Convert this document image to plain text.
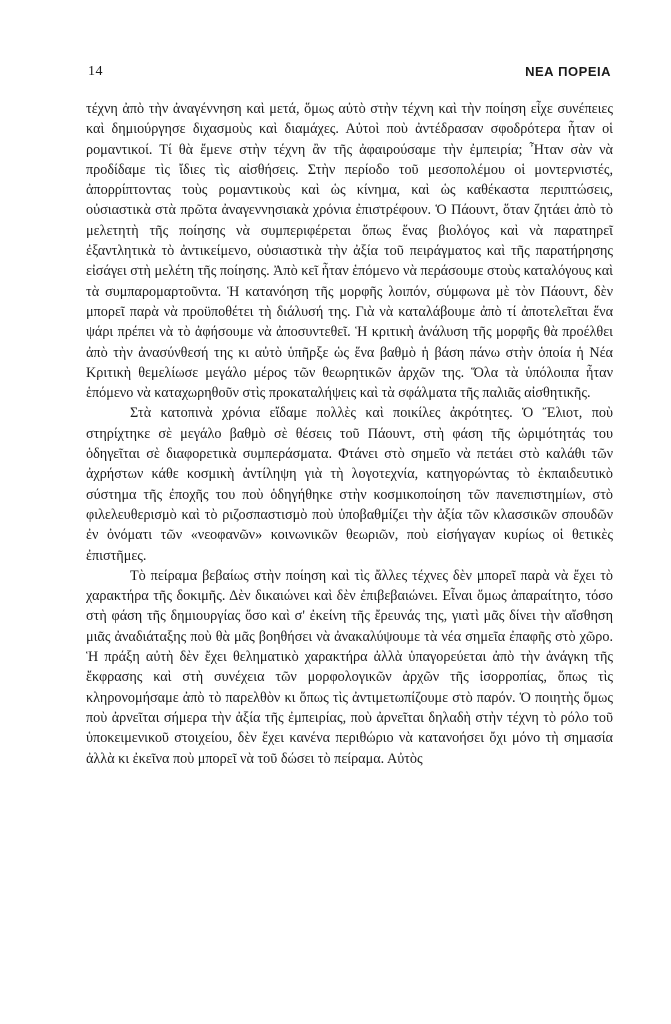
14	ΝΕΑ ΠΟΡΕΙΑ

τέχνη ἀπὸ τὴν ἀναγέννηση καὶ μετά, ὅμως αὐτὸ στὴν τέχνη καὶ τὴν ποίηση εἶχε συνέπειες καὶ δημιούργησε διχασμοὺς καὶ διαμάχες. Αὐτοὶ ποὺ ἀντέδρασαν σφοδρότερα ἦταν οἱ ρομαντικοί. Τί θὰ ἔμενε στὴν τέχνη ἂν τῆς ἀφαιρούσαμε τὴν ἐμπειρία; Ἦταν σὰν νὰ προδίδαμε τὶς ἴδιες τὶς αἰσθήσεις. Στὴν περίοδο τοῦ μεσοπολέμου οἱ μοντερνιστές, ἀπορρίπτοντας τοὺς ρομαντικοὺς καὶ ὡς κίνημα, καὶ ὡς καθέκαστα περιπτώσεις, οὐσιαστικὰ στὰ πρῶτα ἀναγεννησιακὰ χρόνια ἐπιστρέφουν. Ὁ Πάουντ, ὅταν ζητάει ἀπὸ τὸ μελετητὴ τῆς ποίησης νὰ συμπεριφέρεται ὅπως ἕνας βιολόγος καὶ νὰ παρατηρεῖ ἐξαντλητικὰ τὸ ἀντικείμενο, οὐσιαστικὰ τὴν ἀξία τοῦ πειράγματος καὶ τῆς παρατήρησης εἰσάγει στὴ μελέτη τῆς ποίησης. Ἀπὸ κεῖ ἦταν ἑπόμενο νὰ περάσουμε στοὺς καταλόγους καὶ τὰ συμπαρομαρτοῦντα. Ἡ κατανόηση τῆς μορφῆς λοιπόν, σύμφωνα μὲ τὸν Πάουντ, δὲν μπορεῖ παρὰ νὰ προϋποθέτει τὴ διάλυσή της. Γιὰ νὰ καταλάβουμε ἀπὸ τί ἀποτελεῖται ἕνα ψάρι πρέπει νὰ τὸ ἀφήσουμε νὰ ἀποσυντεθεῖ. Ἡ κριτικὴ ἀνάλυση τῆς μορφῆς θὰ προέλθει ἀπὸ τὴν ἀνασύνθεσή της κι αὐτὸ ὑπῆρξε ὡς ἕνα βαθμὸ ἡ βάση πάνω στὴν ὁποία ἡ Νέα Κριτικὴ θεμελίωσε μεγάλο μέρος τῶν θεωρητικῶν ἀρχῶν της. Ὅλα τὰ ὑπόλοιπα ἦταν ἑπόμενο νὰ καταχωρηθοῦν στὶς προκαταλήψεις καὶ τὰ σφάλματα τῆς παλιᾶς αἰσθητικῆς.

Στὰ κατοπινὰ χρόνια εἴδαμε πολλὲς καὶ ποικίλες ἀκρότητες. Ὁ Ἔλιοτ, ποὺ στηρίχτηκε σὲ μεγάλο βαθμὸ σὲ θέσεις τοῦ Πάουντ, στὴ φάση τῆς ὡριμότητάς του ὁδηγεῖται σὲ διαφορετικὰ συμπεράσματα. Φτάνει στὸ σημεῖο νὰ πετάει στὸ καλάθι τῶν ἀχρήστων κάθε κοσμικὴ ἀντίληψη γιὰ τὴ λογοτεχνία, κατηγορώντας τὸ ἐκπαιδευτικὸ σύστημα τῆς ἐποχῆς του ποὺ ὁδηγήθηκε στὴν κοσμικοποίηση τῶν πανεπιστημίων, στὸ φιλελευθερισμὸ καὶ τὸ ριζοσπαστισμὸ ποὺ ὑποβαθμίζει τὴν ἀξία τῶν κλασσικῶν σπουδῶν ἐν ὀνόματι τῶν «νεοφανῶν» κοινωνικῶν θεωριῶν, ποὺ εἰσήγαγαν κυρίως οἱ θετικὲς ἐπιστῆμες.

Τὸ πείραμα βεβαίως στὴν ποίηση καὶ τὶς ἄλλες τέχνες δὲν μπορεῖ παρὰ νὰ ἔχει τὸ χαρακτήρα τῆς δοκιμῆς. Δὲν δικαιώνει καὶ δὲν ἐπιβεβαιώνει. Εἶναι ὅμως ἀπαραίτητο, τόσο στὴ φάση τῆς δημιουργίας ὅσο καὶ σ' ἐκείνη τῆς ἔρευνάς της, γιατὶ μᾶς δίνει τὴν αἴσθηση μιᾶς ἀναδιάταξης ποὺ θὰ μᾶς βοηθήσει νὰ ἀνακαλύψουμε τὰ νέα σημεῖα ἐπαφῆς στὸ χῶρο. Ἡ πράξη αὐτὴ δὲν ἔχει θεληματικὸ χαρακτήρα ἀλλὰ ὑπαγορεύεται ἀπὸ τὴν ἀνάγκη τῆς ἔκφρασης καὶ στὴ συνέχεια τῶν μορφολογικῶν ἀρχῶν τῆς ἰσορροπίας, ὅπως τὶς κληρονομήσαμε ἀπὸ τὸ παρελθὸν κι ὅπως τὶς ἀντιμετωπίζουμε στὸ παρόν. Ὁ ποιητὴς ὅμως ποὺ ἀρνεῖται σήμερα τὴν ἀξία τῆς ἐμπειρίας, ποὺ ἀρνεῖται δηλαδὴ στὴν τέχνη τὸ ρόλο τοῦ ὑποκειμενικοῦ στοιχείου, δὲν ἔχει κανένα περιθώριο νὰ κατανοήσει ὄχι μόνο τὴ σημασία ἀλλὰ κι ἐκεῖνα ποὺ μπορεῖ νὰ τοῦ δώσει τὸ πείραμα. Αὐτὸς
